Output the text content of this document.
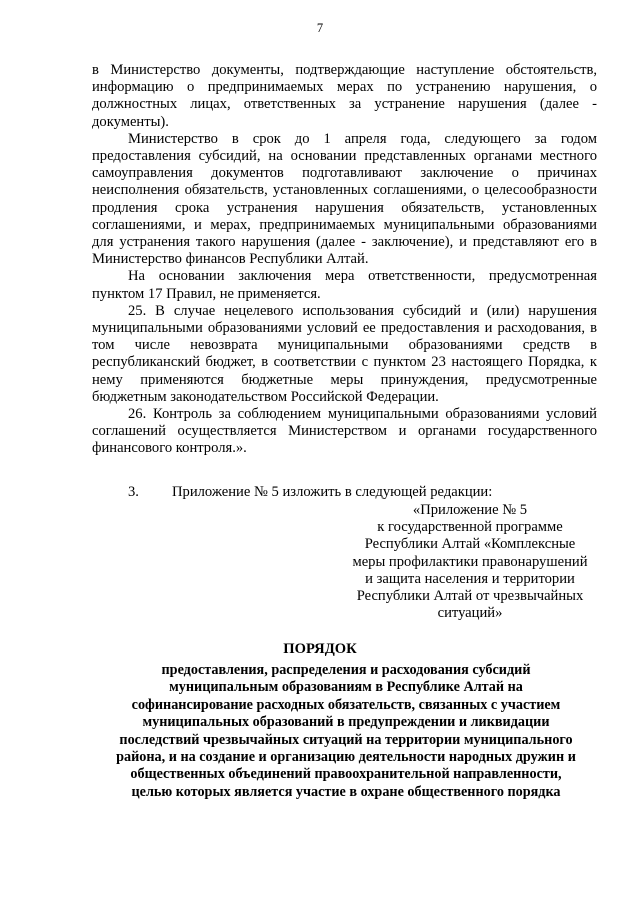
7

в Министерство документы, подтверждающие наступление обстоятельств, информацию о предпринимаемых мерах по устранению нарушения, о должностных лицах, ответственных за устранение нарушения (далее - документы).

Министерство в срок до 1 апреля года, следующего за годом предоставления субсидий, на основании представленных органами местного самоуправления документов подготавливают заключение о причинах неисполнения обязательств, установленных соглашениями, о целесообразности продления срока устранения нарушения обязательств, установленных соглашениями, и мерах, предпринимаемых муниципальными образованиями для устранения такого нарушения (далее - заключение), и представляют его в Министерство финансов Республики Алтай.

На основании заключения мера ответственности, предусмотренная пунктом 17 Правил, не применяется.

25. В случае нецелевого использования субсидий и (или) нарушения муниципальными образованиями условий ее предоставления и расходования, в том числе невозврата муниципальными образованиями средств в республиканский бюджет, в соответствии с пунктом 23 настоящего Порядка, к нему применяются бюджетные меры принуждения, предусмотренные бюджетным законодательством Российской Федерации.

26. Контроль за соблюдением муниципальными образованиями условий соглашений осуществляется Министерством и органами государственного финансового контроля.».

3. Приложение № 5 изложить в следующей редакции:
«Приложение № 5
к государственной программе
Республики Алтай «Комплексные
меры профилактики правонарушений
и защита населения и территории
Республики Алтай от чрезвычайных
ситуаций»
ПОРЯДОК
предоставления, распределения и расходования субсидий
муниципальным образованиям в Республике Алтай на
софинансирование расходных обязательств, связанных с участием
муниципальных образований в предупреждении и ликвидации
последствий чрезвычайных ситуаций на территории муниципального
района, и на создание и организацию деятельности народных дружин и
общественных объединений правоохранительной направленности,
целью которых является участие в охране общественного порядка
